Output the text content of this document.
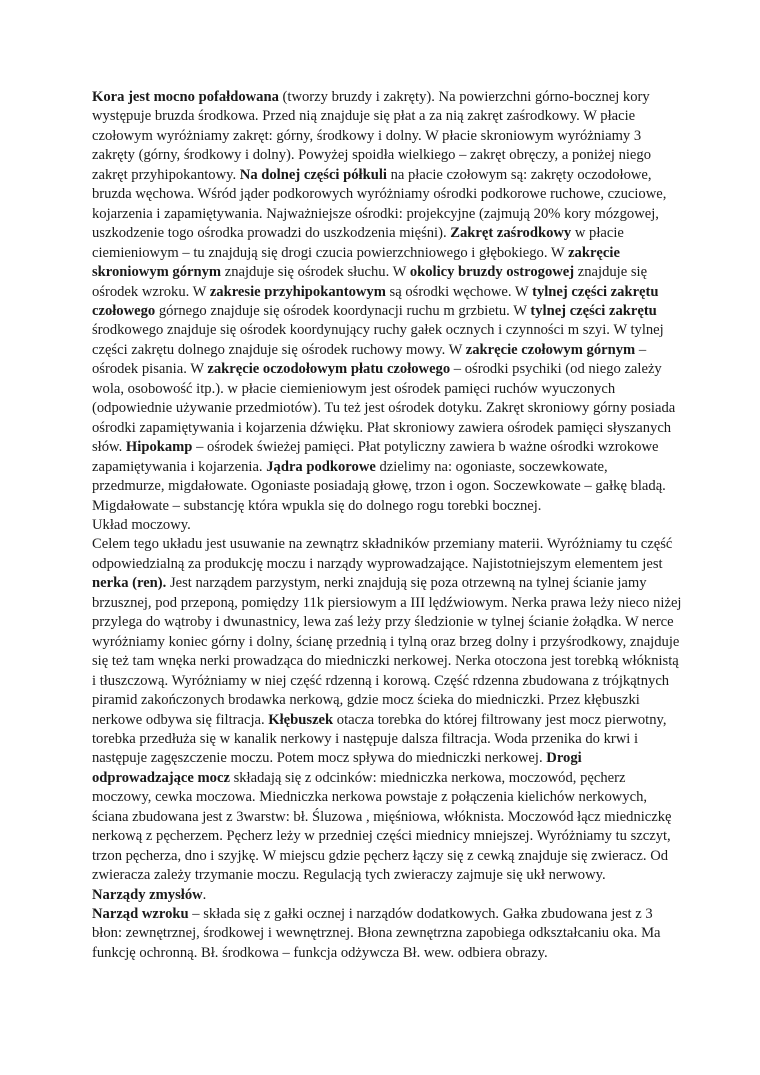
Kora jest mocno pofałdowana (tworzy bruzdy i zakręty). Na powierzchni górno-bocznej kory występuje bruzda środkowa. Przed nią znajduje się płat a za nią zakręt zaśrodkowy. W płacie czołowym wyróżniamy zakręt: górny, środkowy i dolny. W płacie skroniowym wyróżniamy 3 zakręty (górny, środkowy i dolny). Powyżej spoidła wielkiego – zakręt obręczy, a poniżej niego zakręt przyhipokantowy. Na dolnej części półkuli na płacie czołowym są: zakręty oczodołowe, bruzda węchowa. Wśród jąder podkorowych wyróżniamy ośrodki podkorowe ruchowe, czuciowe, kojarzenia i zapamiętywania. Najważniejsze ośrodki: projekcyjne (zajmują 20% kory mózgowej, uszkodzenie togo ośrodka prowadzi do uszkodzenia mięśni). Zakręt zaśrodkowy w płacie ciemieniowym – tu znajdują się drogi czucia powierzchniowego i głębokiego. W zakręcie skroniowym górnym znajduje się ośrodek słuchu. W okolicy bruzdy ostrogowej znajduje się ośrodek wzroku. W zakresie przyhipokantowym są ośrodki węchowe. W tylnej części zakrętu czołowego górnego znajduje się ośrodek koordynacji ruchu m grzbietu. W tylnej części zakrętu środkowego znajduje się ośrodek koordynujący ruchy gałek ocznych i czynności m szyi. W tylnej części zakrętu dolnego znajduje się ośrodek ruchowy mowy. W zakręcie czołowym górnym – ośrodek pisania. W zakręcie oczodołowym płatu czołowego – ośrodki psychiki (od niego zależy wola, osobowość itp.). w płacie ciemieniowym jest ośrodek pamięci ruchów wyuczonych (odpowiednie używanie przedmiotów). Tu też jest ośrodek dotyku. Zakręt skroniowy górny posiada ośrodki zapamiętywania i kojarzenia dźwięku. Płat skroniowy zawiera ośrodek pamięci słyszanych słów. Hipokamp – ośrodek świeżej pamięci. Płat potyliczny zawiera b ważne ośrodki wzrokowe zapamiętywania i kojarzenia. Jądra podkorowe dzielimy na: ogoniaste, soczewkowate, przedmurze, migdałowate. Ogoniaste posiadają głowę, trzon i ogon. Soczewkowate – gałkę bladą. Migdałowate – substancję która wpukla się do dolnego rogu torebki bocznej.

Układ moczowy.

Celem tego układu jest usuwanie na zewnątrz składników przemiany materii. Wyróżniamy tu część odpowiedzialną za produkcję moczu i narządy wyprowadzające. Najistotniejszym elementem jest nerka (ren). Jest narządem parzystym, nerki znajdują się poza otrzewną na tylnej ścianie jamy brzusznej, pod przeponą, pomiędzy 11k piersiowym a III lędźwiowym. Nerka prawa leży nieco niżej przylega do wątroby i dwunastnicy, lewa zaś leży przy śledzionie w tylnej ścianie żołądka. W nerce wyróżniamy koniec górny i dolny, ścianę przednią i tylną oraz brzeg dolny i przyśrodkowy, znajduje się też tam wnęka nerki prowadząca do miedniczki nerkowej. Nerka otoczona jest torebką włóknistą i tłuszczową. Wyróżniamy w niej część rdzenną i korową. Część rdzenna zbudowana z trójkątnych piramid zakończonych brodawka nerkową, gdzie mocz ścieka do miedniczki. Przez kłębuszki nerkowe odbywa się filtracja. Kłębuszek otacza torebka do której filtrowany jest mocz pierwotny, torebka przedłuża się w kanalik nerkowy i następuje dalsza filtracja. Woda przenika do krwi i następuje zagęszczenie moczu. Potem mocz spływa do miedniczki nerkowej. Drogi odprowadzające mocz składają się z odcinków: miedniczka nerkowa, moczowód, pęcherz moczowy, cewka moczowa. Miedniczka nerkowa powstaje z połączenia kielichów nerkowych, ściana zbudowana jest z 3warstw: bł. Śluzowa , mięśniowa, włóknista. Moczowód łącz miedniczkę nerkową z pęcherzem. Pęcherz leży w przedniej części miednicy mniejszej. Wyróżniamy tu szczyt, trzon pęcherza, dno i szyjkę. W miejscu gdzie pęcherz łączy się z cewką znajduje się zwieracz. Od zwieracza zależy trzymanie moczu. Regulacją tych zwieraczy zajmuje się ukł nerwowy.

Narządy zmysłów.

Narząd wzroku – składa się z gałki ocznej i narządów dodatkowych. Gałka zbudowana jest z 3 błon: zewnętrznej, środkowej i wewnętrznej. Błona zewnętrzna zapobiega odkształcaniu oka. Ma funkcję ochronną. Bł. środkowa – funkcja odżywcza Bł. wew. odbiera obrazy.
